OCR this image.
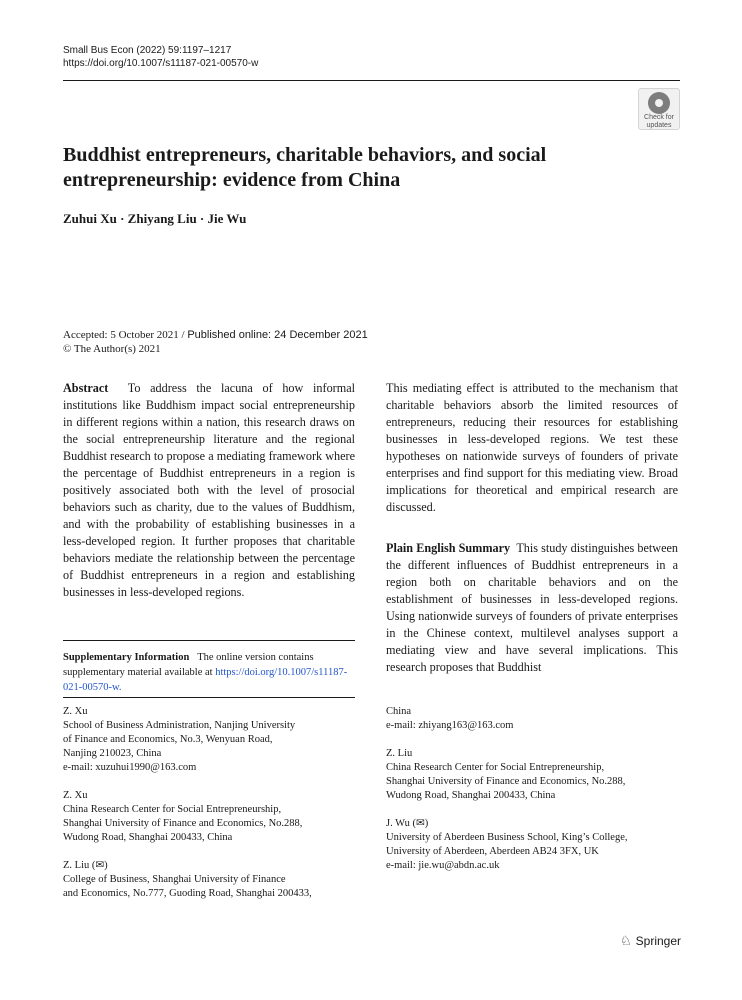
Small Bus Econ (2022) 59:1197–1217
https://doi.org/10.1007/s11187-021-00570-w
Check for
updates
Buddhist entrepreneurs, charitable behaviors, and social entrepreneurship: evidence from China
Zuhui Xu · Zhiyang Liu · Jie Wu
Accepted: 5 October 2021 / Published online: 24 December 2021
© The Author(s) 2021

Abstract To address the lacuna of how informal institutions like Buddhism impact social entrepreneurship in different regions within a nation, this research draws on the social entrepreneurship literature and the regional Buddhist research to propose a mediating framework where the percentage of Buddhist entrepreneurs in a region is positively associated both with the level of prosocial behaviors such as charity, due to the values of Buddhism, and with the probability of establishing businesses in a less-developed region. It further proposes that charitable behaviors mediate the relationship between the percentage of Buddhist entrepreneurs in a region and establishing businesses in less-developed regions.

This mediating effect is attributed to the mechanism that charitable behaviors absorb the limited resources of entrepreneurs, reducing their resources for establishing businesses in less-developed regions. We test these hypotheses on nationwide surveys of founders of private enterprises and find support for this mediating view. Broad implications for theoretical and empirical research are discussed.

Plain English Summary This study distinguishes between the different influences of Buddhist entrepreneurs in a region both on charitable behaviors and on the establishment of businesses in less-developed regions. Using nationwide surveys of founders of private enterprises in the Chinese context, multilevel analyses support a mediating view and have several implications. This research proposes that Buddhist

Supplementary Information The online version contains supplementary material available at https://doi.org/10.1007/s11187-021-00570-w.
Z. Xu
School of Business Administration, Nanjing University
of Finance and Economics, No.3, Wenyuan Road,
Nanjing 210023, China
e-mail: xuzuhui1990@163.com
Z. Xu
China Research Center for Social Entrepreneurship,
Shanghai University of Finance and Economics, No.288,
Wudong Road, Shanghai 200433, China
Z. Liu (✉)
College of Business, Shanghai University of Finance
and Economics, No.777, Guoding Road, Shanghai 200433,
China
e-mail: zhiyang163@163.com
Z. Liu
China Research Center for Social Entrepreneurship,
Shanghai University of Finance and Economics, No.288,
Wudong Road, Shanghai 200433, China
J. Wu (✉)
University of Aberdeen Business School, King’s College,
University of Aberdeen, Aberdeen AB24 3FX, UK
e-mail: jie.wu@abdn.ac.uk
♘ Springer
